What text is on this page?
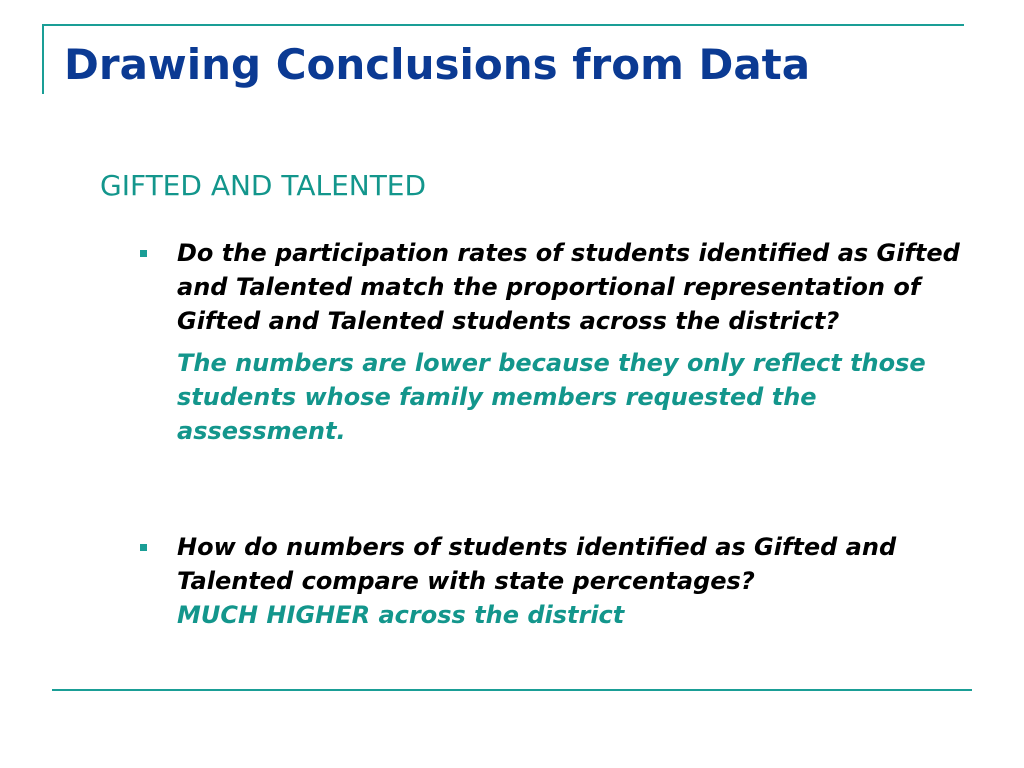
Drawing Conclusions from Data
GIFTED AND TALENTED
Do the participation rates of students identified as Gifted and Talented match the proportional representation of Gifted and Talented students across the district?
The numbers are lower because they only reflect those students whose family members requested the assessment.
How do numbers of students identified as Gifted and Talented compare with state percentages?
MUCH HIGHER across the district
